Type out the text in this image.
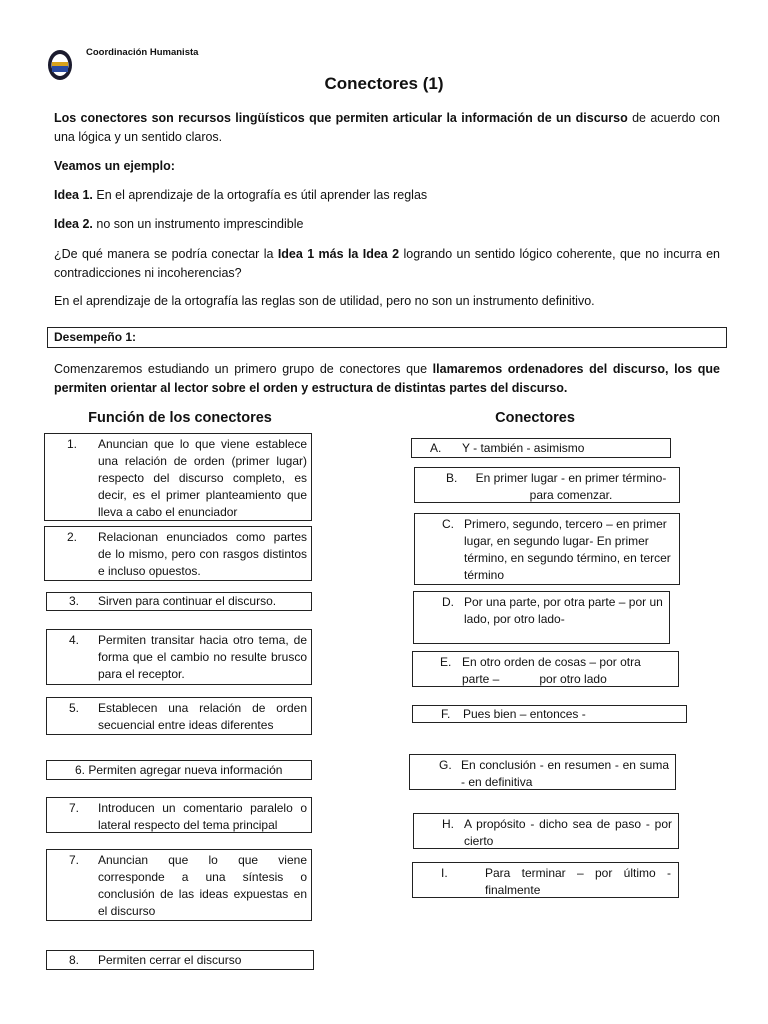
Coordinación Humanista
Conectores (1)
Los conectores son recursos lingüísticos que permiten articular la información de un discurso de acuerdo con una lógica y un sentido claros.
Veamos un ejemplo:
Idea 1. En el aprendizaje de la ortografía es útil aprender las reglas
Idea 2. no son un instrumento imprescindible
¿De qué manera se podría conectar la Idea 1 más la Idea 2 logrando un sentido lógico coherente, que no incurra en contradicciones ni incoherencias?
En el aprendizaje de la ortografía las reglas son de utilidad, pero no son un instrumento definitivo.
Desempeño 1:
Comenzaremos estudiando un primero grupo de conectores que llamaremos ordenadores del discurso, los que permiten orientar al lector sobre el orden y estructura de distintas partes del discurso.
Función de los conectores	Conectores
1. Anuncian que lo que viene establece una relación de orden (primer lugar) respecto del discurso completo, es decir, es el primer planteamiento que lleva a cabo el enunciador
2. Relacionan enunciados como partes de lo mismo, pero con rasgos distintos e incluso opuestos.
3. Sirven para continuar el discurso.
4. Permiten transitar hacia otro tema, de forma que el cambio no resulte brusco para el receptor.
5. Establecen una relación de orden secuencial entre ideas diferentes
6. Permiten agregar nueva información
7. Introducen un comentario paralelo o lateral respecto del tema principal
7. Anuncian que lo que viene corresponde a una síntesis o conclusión de las ideas expuestas en el discurso
8. Permiten cerrar el discurso
A.	Y - también - asimismo
B.	En primer lugar - en primer término- para comenzar.
C. Primero, segundo, tercero – en primer lugar, en segundo lugar- En primer término, en segundo término, en tercer término
D. Por una parte, por otra parte – por un lado, por otro lado-
E. En otro orden de cosas – por otra parte –            por otro lado
F.	Pues bien – entonces -
G. En conclusión - en resumen - en suma - en definitiva
H. A propósito - dicho sea de paso - por cierto
I.	Para terminar – por último - finalmente
